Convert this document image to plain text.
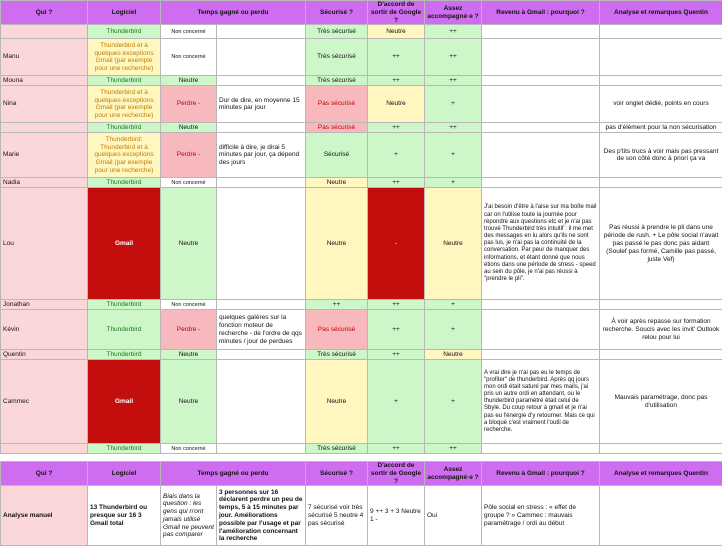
Qui ?	Logiciel	Temps gagné ou perdu		Sécurisé ?	D'accord de sortir de Google ?	Assez accompagné·e ?	Revenu à Gmail : pourquoi ?	Analyse et remarques Quentin
	Thunderbird	Non concerné		Très sécurisé	Neutre	++		
Manu	Thunderbird et à quelques exceptions Gmail (par exemple pour une recherche)	Non concerné		Très sécurisé	++	++		
Mouna	Thunderbird	Neutre		Très sécurisé	++	++		
Nina	Thunderbird et à quelques exceptions Gmail (par exemple pour une recherche)	Perdre -	Dur de dire, en moyenne 15 minutes par jour	Pas sécurisé	Neutre	+		voir onglet dédié, points en cours
	Thunderbird	Neutre		Pas sécurisé	++	++		pas d'élément pour la non sécurisation
Marie	Thunderbird; Thunderbird et à quelques exceptions Gmail (par exemple pour une recherche)	Perdre -	difficile à dire, je dirai 5 minutes par jour, ça dépend des jours	Sécurisé	+	+		Des p'tits trucs à voir mais pas pressant de son côté donc à priori ça va
Nadia	Thunderbird	Non concerné		Neutre	++	+		
Lou	Gmail	Neutre		Neutre	-	Neutre	J'ai besoin d'être à l'aise sur ma boîte mail car on l'utilise toute la journée pour répondre aux questions etc et je n'ai pas trouvé Thunderbird très intuitif : il me met des messages en lu alors qu'ils ne sont pas lus, je n'ai pas la continuité de la conversation. Par peur de manquer des informations, et étant donné que nous étions dans une période de stress - speed au sein du pôle, je n'ai pas réussi à "prendre le pli".	Pas réussi à prendre le pli dans une période de rush. + Le pôle social n'avait pas passé le pas donc pas aidant (Soulef pas formé, Camille pas passé, juste Vef)
Jonathan	Thunderbird	Non concerné		++	++	+		
Kévin	Thunderbird	Perdre -	quelques galères sur la fonction moteur de recherche - de l'ordre de qqs minutes / jour de perdues	Pas sécurisé	++	+		À voir après repasse sur formation recherche. Soucis avec les invit' Outlook relou pour lui
Quentin	Thunderbird	Neutre		Très sécurisé	++	Neutre		
Cammec	Gmail	Neutre		Neutre	+	+	A vrai dire je n'ai pas eu le temps de "profiter" de thunderbird. Après qq jours mon ordi était saturé par mes mails, j'ai pris un autre ordi en attendant, ou le thunderbird paramétré était celui de Sbyle. Du coup retour à gmail et je n'ai pas eu l'énergie d'y retourner. Mais ce qui a bloqué c'est vraiment l'outil de recherche.	Mauvais paramétrage, donc pas d'utilisation
	Thunderbird	Non concerné		Très sécurisé	++	++		
Qui ?	Logiciel	Temps gagné ou perdu		Sécurisé ?	D'accord de sortir de Google ?	Assez accompagné·e ?	Revenu à Gmail : pourquoi ?	Analyse et remarques Quentin
Analyse manuel	13 Thunderbird ou presque sur 16 3 Gmail total	Biais dans la question : les gens qui n'ont jamais utilisé Gmail ne peuvent pas comparer	3 personnes sur 16 déclarent perdre un peu de temps, 5 à 15 minutes par jour. Améliorations possible par l'usage et par l'amélioration concernant la recherche	7 sécurisé voir très sécurisé 5 neutre 4 pas sécurisé	9 ++ 3 + 3 Neutre 1 -	Oui	Pôle social en stress : « effet de groupe ? » Cammec : mauvais paramétrage / ordi au début	
